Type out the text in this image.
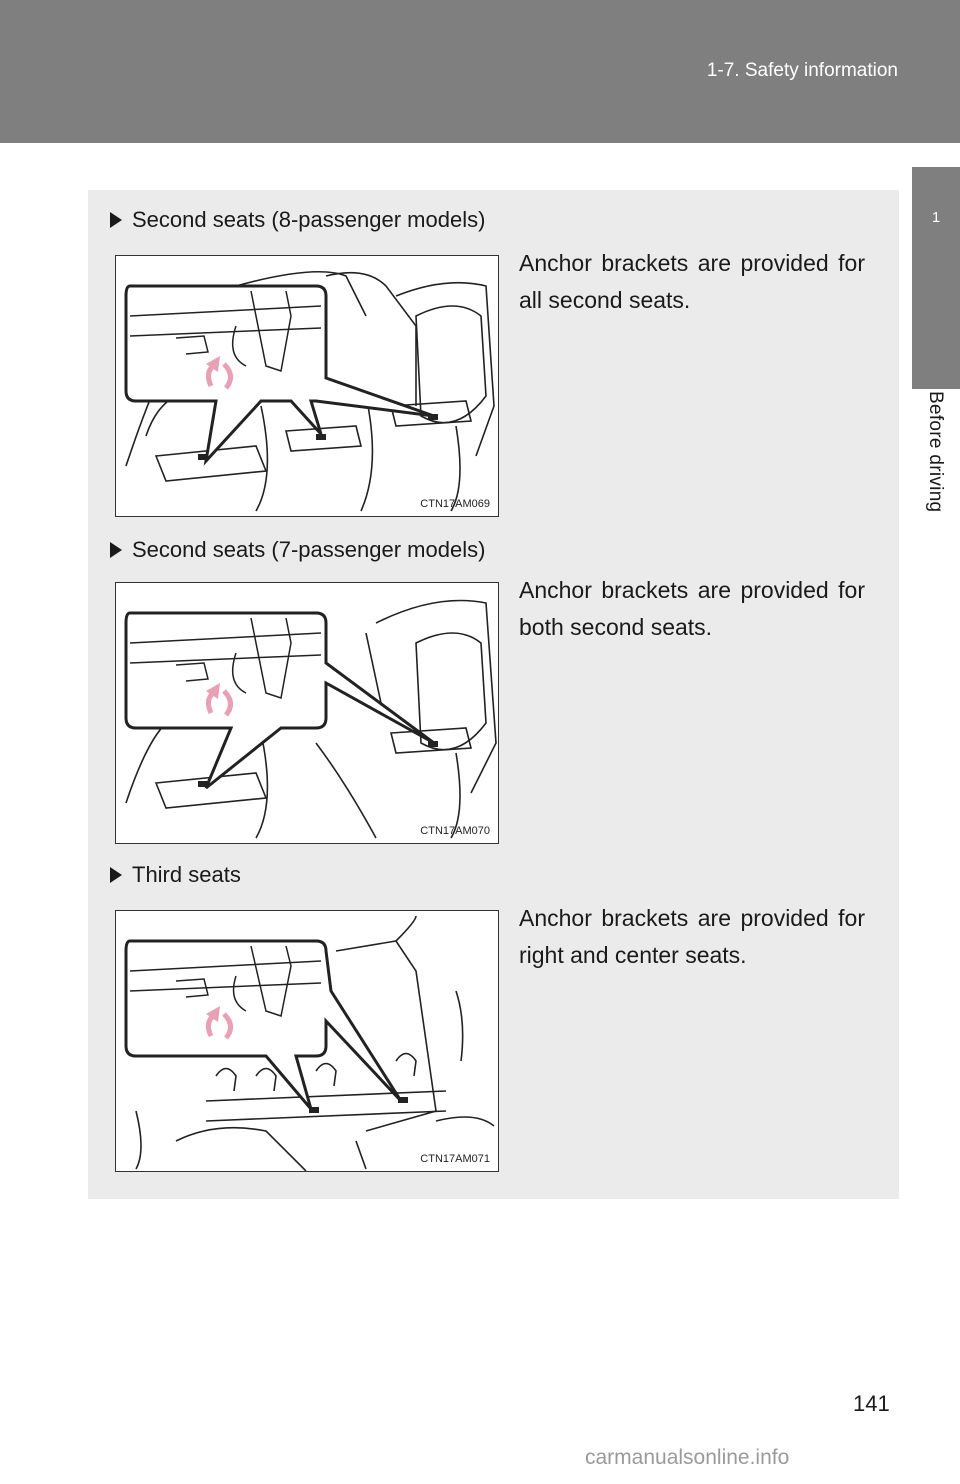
1-7. Safety information
1
Before driving
Second seats (8-passenger models)
CTN17AM069
Anchor brackets are provided for all second seats.
Second seats (7-passenger models)
CTN17AM070
Anchor brackets are provided for both second seats.
Third seats
CTN17AM071
Anchor brackets are provided for right and center seats.
141
carmanualsonline.info
